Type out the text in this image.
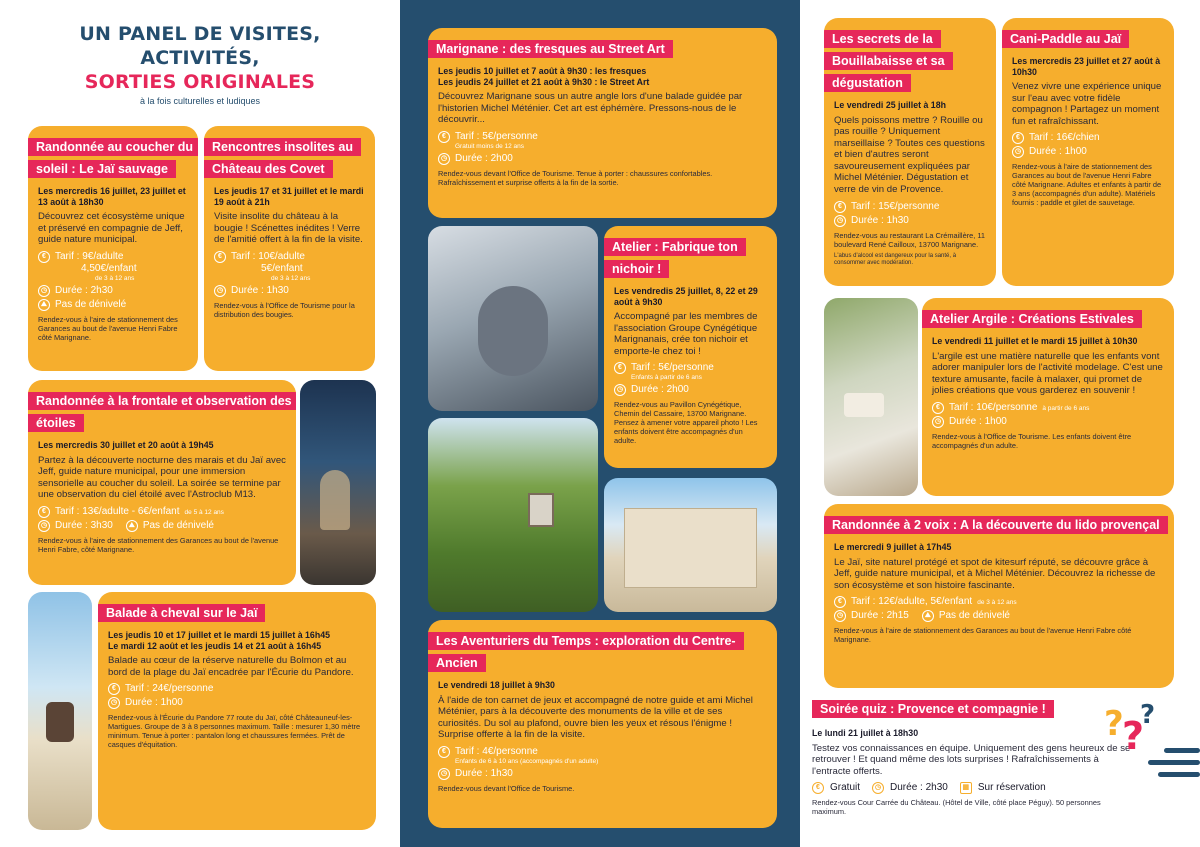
UN PANEL DE VISITES,
ACTIVITÉS,
SORTIES ORIGINALES
à la fois culturelles et ludiques
Randonnée au coucher du soleil : Le Jaï sauvage
Les mercredis 16 juillet, 23 juillet et 13 août à 18h30
Découvrez cet écosystème unique et préservé en compagnie de Jeff, guide nature municipal.
€ Tarif : 9€/adulte
4,50€/enfant
de 3 à 12 ans
◷ Durée : 2h30
⛰ Pas de dénivelé
Rendez-vous à l'aire de stationnement des Garances au bout de l'avenue Henri Fabre côté Marignane.
Rencontres insolites au Château des Covet
Les jeudis 17 et 31 juillet et le mardi 19 août à 21h
Visite insolite du château à la bougie ! Scénettes inédites ! Verre de l'amitié offert à la fin de la visite.
€ Tarif : 10€/adulte
5€/enfant
de 3 à 12 ans
◷ Durée : 1h30
Rendez-vous à l'Office de Tourisme pour la distribution des bougies.
Randonnée à la frontale et observation des étoiles
Les mercredis 30 juillet et 20 août à 19h45
Partez à la découverte nocturne des marais et du Jaï avec Jeff, guide nature municipal, pour une immersion sensorielle au coucher du soleil. La soirée se termine par une observation du ciel étoilé avec l'Astroclub M13.
€ Tarif : 13€/adulte - 6€/enfant de 5 à 12 ans
◷ Durée : 3h30	⛰ Pas de dénivelé
Rendez-vous à l'aire de stationnement des Garances au bout de l'avenue Henri Fabre, côté Marignane.
Balade à cheval sur le Jaï
Les jeudis 10 et 17 juillet et le mardi 15 juillet à 16h45
Le mardi 12 août et les jeudis 14 et 21 août à 16h45
Balade au cœur de la réserve naturelle du Bolmon et au bord de la plage du Jaï encadrée par l'Écurie du Pandore.
€ Tarif : 24€/personne
◷ Durée : 1h00
Rendez-vous à l'Écurie du Pandore 77 route du Jaï, côté Châteauneuf-les-Martigues. Groupe de 3 à 8 personnes maximum. Taille : mesurer 1,30 mètre minimum. Tenue à porter : pantalon long et chaussures fermées. Prêt de casques d'équitation.
Marignane : des fresques au Street Art
Les jeudis 10 juillet et 7 août à 9h30 : les fresques
Les jeudis 24 juillet et 21 août à 9h30 : le Street Art
Découvrez Marignane sous un autre angle lors d'une balade guidée par l'historien Michel Méténier. Cet art est éphémère. Pressons-nous de le découvrir...
€ Tarif : 5€/personne
Gratuit moins de 12 ans
◷ Durée : 2h00
Rendez-vous devant l'Office de Tourisme. Tenue à porter : chaussures confortables. Rafraîchissement et surprise offerts à la fin de la sortie.
Atelier : Fabrique ton nichoir !
Les vendredis 25 juillet, 8, 22 et 29 août à 9h30
Accompagné par les membres de l'association Groupe Cynégétique Marignanais, crée ton nichoir et emporte-le chez toi !
€ Tarif : 5€/personne
Enfants à partir de 6 ans
◷ Durée : 2h00
Rendez-vous au Pavillon Cynégétique, Chemin del Cassaire, 13700 Marignane. Pensez à amener votre appareil photo ! Les enfants doivent être accompagnés d'un adulte.
Les Aventuriers du Temps : exploration du Centre-Ancien
Le vendredi 18 juillet à 9h30
À l'aide de ton carnet de jeux et accompagné de notre guide et ami Michel Méténier, pars à la découverte des monuments de la ville et de ses curiosités. Du sol au plafond, ouvre bien les yeux et résous l'énigme ! Surprise offerte à la fin de la visite.
€ Tarif : 4€/personne
Enfants de 6 à 10 ans (accompagnés d'un adulte)
◷ Durée : 1h30
Rendez-vous devant l'Office de Tourisme.
Les secrets de la Bouillabaisse et sa dégustation
Le vendredi 25 juillet à 18h
Quels poissons mettre ? Rouille ou pas rouille ? Uniquement marseillaise ? Toutes ces questions et bien d'autres seront savoureusement expliquées par Michel Méténier. Dégustation et verre de vin de Provence.
€ Tarif : 15€/personne
◷ Durée : 1h30
Rendez-vous au restaurant La Crémaillère, 11 boulevard René Cailloux, 13700 Marignane.
L'abus d'alcool est dangereux pour la santé, à consommer avec modération.
Cani-Paddle au Jaï
Les mercredis 23 juillet et 27 août à 10h30
Venez vivre une expérience unique sur l'eau avec votre fidèle compagnon ! Partagez un moment fun et rafraîchissant.
€ Tarif : 16€/chien
◷ Durée : 1h00
Rendez-vous à l'aire de stationnement des Garances au bout de l'avenue Henri Fabre côté Marignane. Adultes et enfants à partir de 3 ans (accompagnés d'un adulte). Matériels fournis : paddle et gilet de sauvetage.
Atelier Argile : Créations Estivales
Le vendredi 11 juillet et le mardi 15 juillet à 10h30
L'argile est une matière naturelle que les enfants vont adorer manipuler lors de l'activité modelage. C'est une texture amusante, facile à malaxer, qui promet de jolies créations que vous garderez en souvenir !
€ Tarif : 10€/personne à partir de 6 ans
◷ Durée : 1h00
Rendez-vous à l'Office de Tourisme. Les enfants doivent être accompagnés d'un adulte.
Randonnée à 2 voix : A la découverte du lido provençal
Le mercredi 9 juillet à 17h45
Le Jaï, site naturel protégé et spot de kitesurf réputé, se découvre grâce à Jeff, guide nature municipal, et à Michel Méténier. Découvrez la richesse de son écosystème et son histoire fascinante.
€ Tarif : 12€/adulte, 5€/enfant de 3 à 12 ans
◷ Durée : 2h15	⛰ Pas de dénivelé
Rendez-vous à l'aire de stationnement des Garances au bout de l'avenue Henri Fabre côté Marignane.
Soirée quiz : Provence et compagnie !
Le lundi 21 juillet à 18h30
Testez vos connaissances en équipe. Uniquement des gens heureux de se retrouver ! Et quand même des lots surprises ! Rafraîchissements à l'entracte offerts.
€	Gratuit	◷ Durée : 2h30	▦ Sur réservation
Rendez-vous Cour Carrée du Château. (Hôtel de Ville, côté place Péguy). 50 personnes maximum.
?
?
?
